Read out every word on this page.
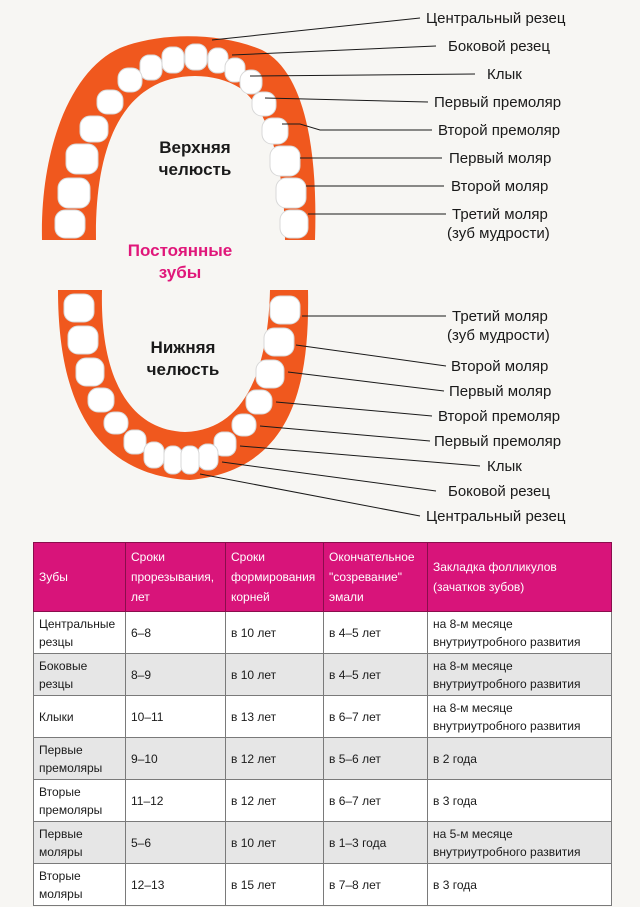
Верхняя
челюсть
Постоянные
зубы
Нижняя
челюсть
Центральный резец
Боковой резец
Клык
Первый премоляр
Второй премоляр
Первый моляр
Второй моляр
Третий моляр
(зуб мудрости)
Третий моляр
(зуб мудрости)
Второй моляр
Первый моляр
Второй премоляр
Первый премоляр
Клык
Боковой резец
Центральный резец
Зубы	Сроки прорезывания, лет	Сроки формирования корней	Окончательное "созревание" эмали	Закладка фолликулов (зачатков зубов)
Центральные резцы	6–8	в 10 лет	в 4–5 лет	на 8-м месяце внутриутробного развития
Боковые резцы	8–9	в 10 лет	в 4–5 лет	на 8-м месяце внутриутробного развития
Клыки	10–11	в 13 лет	в 6–7 лет	на 8-м месяце внутриутробного развития
Первые премоляры	9–10	в 12 лет	в 5–6 лет	в 2 года
Вторые премоляры	11–12	в 12 лет	в 6–7 лет	в 3 года
Первые моляры	5–6	в 10 лет	в 1–3 года	на 5-м месяце внутриутробного развития
Вторые моляры	12–13	в 15 лет	в 7–8 лет	в 3 года
